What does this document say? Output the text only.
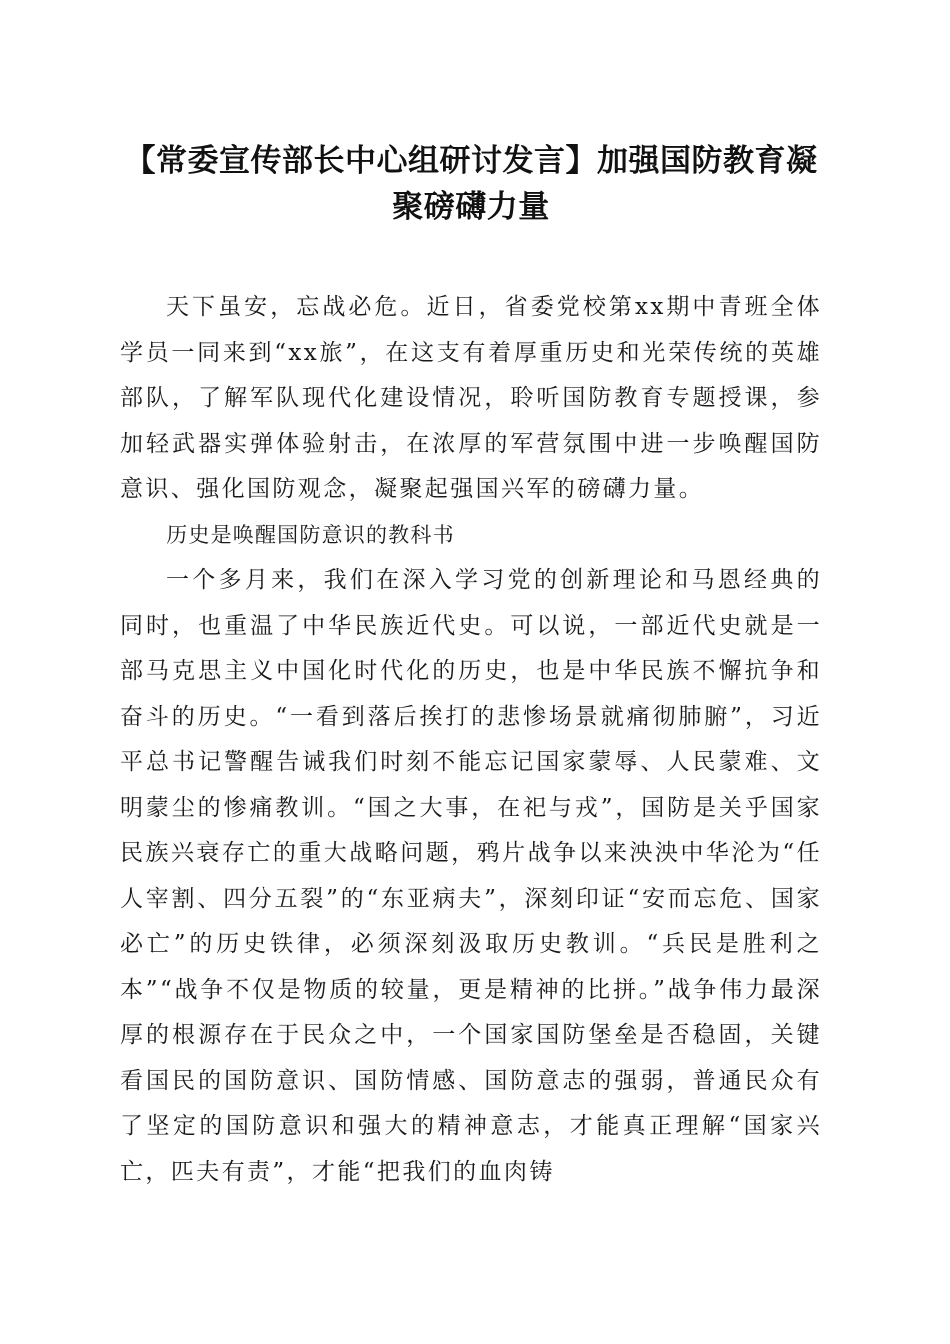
【常委宣传部长中心组研讨发言】加强国防教育凝聚磅礴力量

天下虽安，忘战必危。近日，省委党校第xx期中青班全体学员一同来到“xx旅”，在这支有着厚重历史和光荣传统的英雄部队，了解军队现代化建设情况，聆听国防教育专题授课，参加轻武器实弹体验射击，在浓厚的军营氛围中进一步唤醒国防意识、强化国防观念，凝聚起强国兴军的磅礴力量。

历史是唤醒国防意识的教科书

一个多月来，我们在深入学习党的创新理论和马恩经典的同时，也重温了中华民族近代史。可以说，一部近代史就是一部马克思主义中国化时代化的历史，也是中华民族不懈抗争和奋斗的历史。“一看到落后挨打的悲惨场景就痛彻肺腑”，习近平总书记警醒告诫我们时刻不能忘记国家蒙辱、人民蒙难、文明蒙尘的惨痛教训。“国之大事，在祀与戎”，国防是关乎国家民族兴衰存亡的重大战略问题，鸦片战争以来泱泱中华沦为“任人宰割、四分五裂”的“东亚病夫”，深刻印证“安而忘危、国家必亡”的历史铁律，必须深刻汲取历史教训。“兵民是胜利之本”“战争不仅是物质的较量，更是精神的比拼。”战争伟力最深厚的根源存在于民众之中，一个国家国防堡垒是否稳固，关键看国民的国防意识、国防情感、国防意志的强弱，普通民众有了坚定的国防意识和强大的精神意志，才能真正理解“国家兴亡，匹夫有责”，才能“把我们的血肉铸
